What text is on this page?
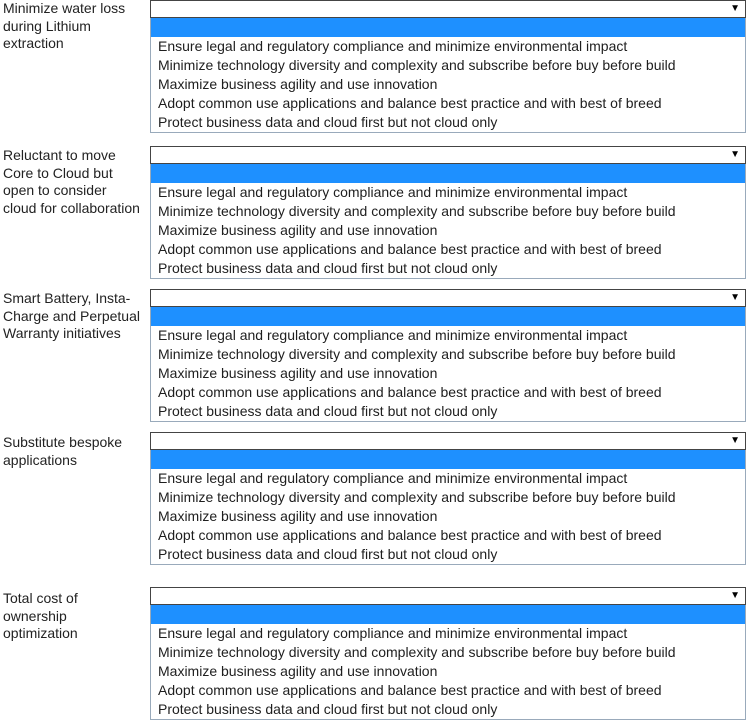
Minimize water loss during Lithium extraction
▼
Ensure legal and regulatory compliance and minimize environmental impact
Minimize technology diversity and complexity and subscribe before buy before build
Maximize business agility and use innovation
Adopt common use applications and balance best practice and with best of breed
Protect business data and cloud first but not cloud only
Reluctant to move Core to Cloud but open to consider cloud for collaboration
▼
Ensure legal and regulatory compliance and minimize environmental impact
Minimize technology diversity and complexity and subscribe before buy before build
Maximize business agility and use innovation
Adopt common use applications and balance best practice and with best of breed
Protect business data and cloud first but not cloud only
Smart Battery, Insta-Charge and Perpetual Warranty initiatives
▼
Ensure legal and regulatory compliance and minimize environmental impact
Minimize technology diversity and complexity and subscribe before buy before build
Maximize business agility and use innovation
Adopt common use applications and balance best practice and with best of breed
Protect business data and cloud first but not cloud only
Substitute bespoke applications
▼
Ensure legal and regulatory compliance and minimize environmental impact
Minimize technology diversity and complexity and subscribe before buy before build
Maximize business agility and use innovation
Adopt common use applications and balance best practice and with best of breed
Protect business data and cloud first but not cloud only
Total cost of ownership optimization
▼
Ensure legal and regulatory compliance and minimize environmental impact
Minimize technology diversity and complexity and subscribe before buy before build
Maximize business agility and use innovation
Adopt common use applications and balance best practice and with best of breed
Protect business data and cloud first but not cloud only
